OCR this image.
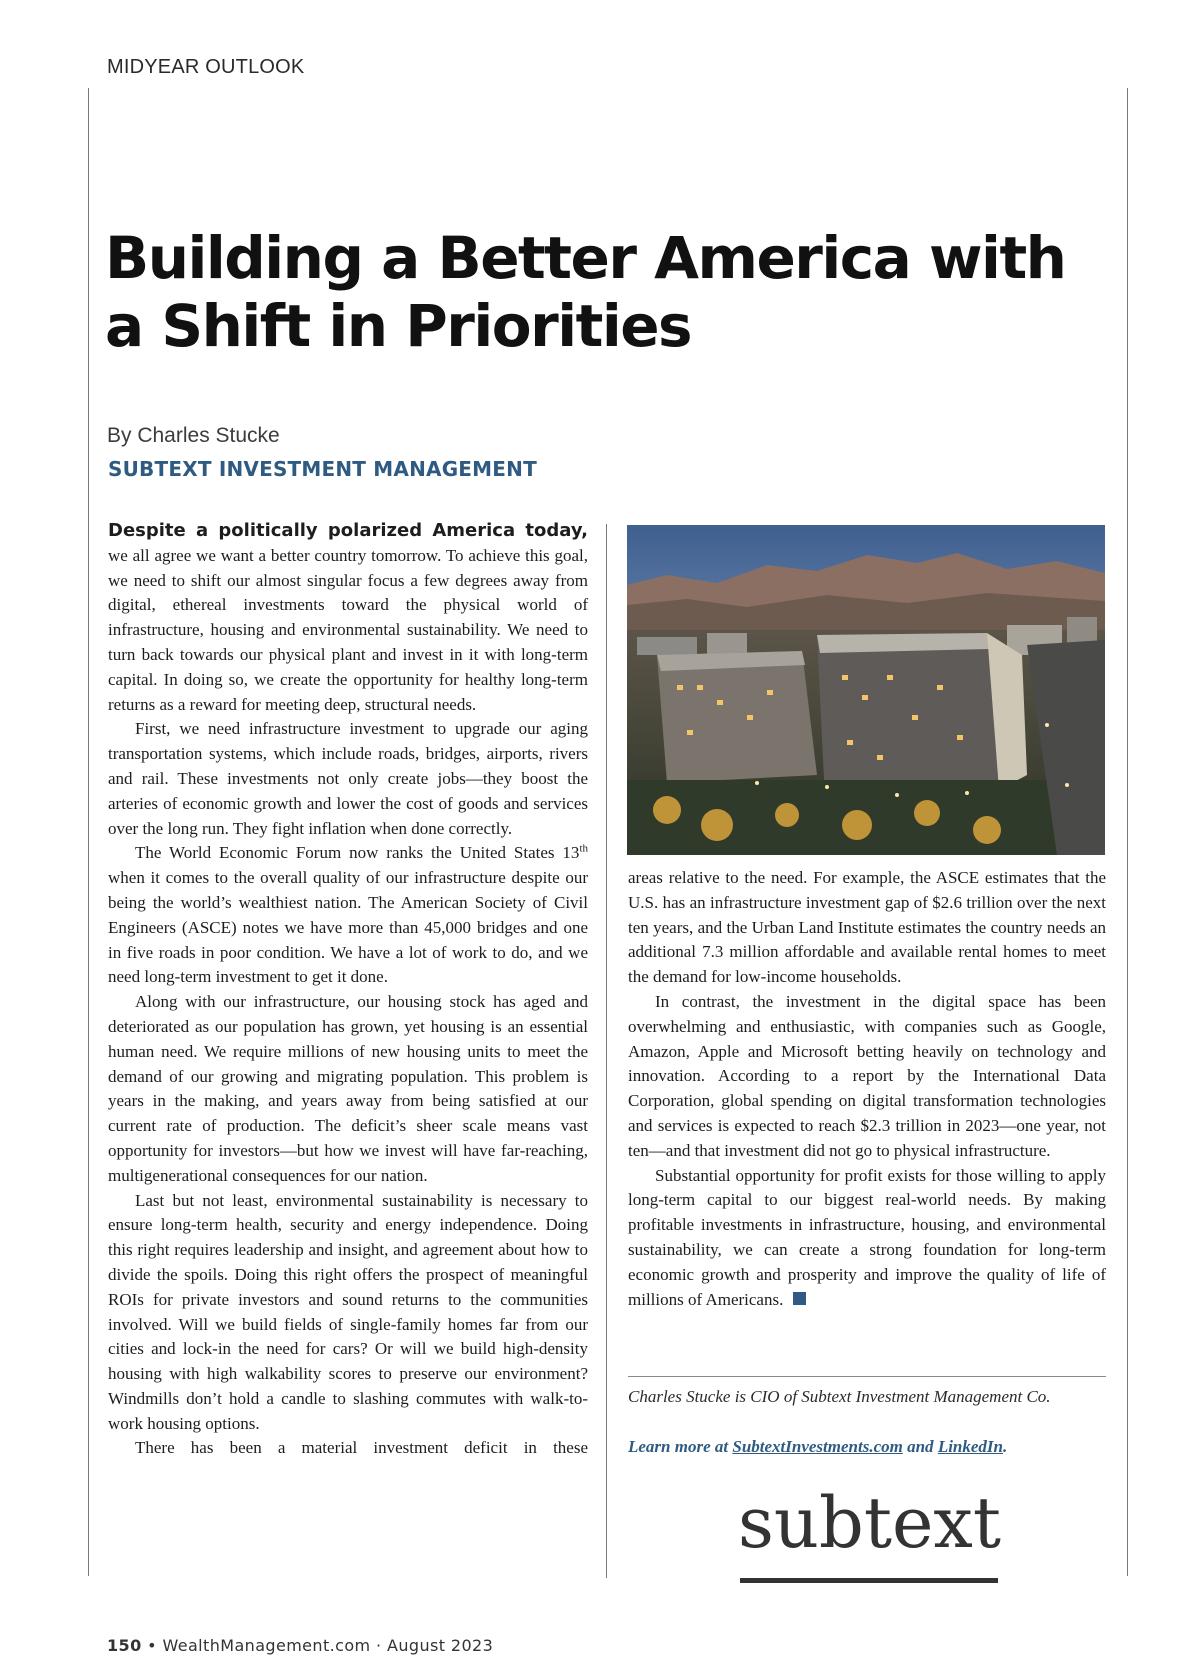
MIDYEAR OUTLOOK
Building a Better America with a Shift in Priorities
By Charles Stucke
SUBTEXT INVESTMENT MANAGEMENT

Despite a politically polarized America today, we all agree we want a better country tomorrow. To achieve this goal, we need to shift our almost singular focus a few degrees away from digital, ethereal investments toward the physical world of infrastructure, housing and environmental sustainability. We need to turn back towards our physical plant and invest in it with long-term capital. In doing so, we create the opportunity for healthy long-term returns as a reward for meeting deep, structural needs.

First, we need infrastructure investment to upgrade our aging transportation systems, which include roads, bridges, airports, rivers and rail. These investments not only create jobs—they boost the arteries of economic growth and lower the cost of goods and services over the long run. They fight inflation when done correctly.

The World Economic Forum now ranks the United States 13th when it comes to the overall quality of our infrastructure despite our being the world’s wealthiest nation. The American Society of Civil Engineers (ASCE) notes we have more than 45,000 bridges and one in five roads in poor condition. We have a lot of work to do, and we need long-term investment to get it done.

Along with our infrastructure, our housing stock has aged and deteriorated as our population has grown, yet housing is an essential human need. We require millions of new housing units to meet the demand of our growing and migrating population. This problem is years in the making, and years away from being satisfied at our current rate of production. The deficit’s sheer scale means vast opportunity for investors—but how we invest will have far-reaching, multigenerational consequences for our nation.

Last but not least, environmental sustainability is necessary to ensure long-term health, security and energy independence. Doing this right requires leadership and insight, and agreement about how to divide the spoils. Doing this right offers the prospect of meaningful ROIs for private investors and sound returns to the communities involved. Will we build fields of single-family homes far from our cities and lock-in the need for cars? Or will we build high-density housing with high walkability scores to preserve our environment? Windmills don’t hold a candle to slashing commutes with walk-to-work housing options.

There has been a material investment deficit in these

areas relative to the need. For example, the ASCE estimates that the U.S. has an infrastructure investment gap of $2.6 trillion over the next ten years, and the Urban Land Institute estimates the country needs an additional 7.3 million affordable and available rental homes to meet the demand for low-income households.

In contrast, the investment in the digital space has been overwhelming and enthusiastic, with companies such as Google, Amazon, Apple and Microsoft betting heavily on technology and innovation. According to a report by the International Data Corporation, global spending on digital transformation technologies and services is expected to reach $2.3 trillion in 2023—one year, not ten—and that investment did not go to physical infrastructure.

Substantial opportunity for profit exists for those willing to apply long-term capital to our biggest real-world needs. By making profitable investments in infrastructure, housing, and environmental sustainability, we can create a strong foundation for long-term economic growth and prosperity and improve the quality of life of millions of Americans.

Charles Stucke is CIO of Subtext Investment Management Co.

Learn more at SubtextInvestments.com and LinkedIn.

subtext
150 • WealthManagement.com · August 2023
